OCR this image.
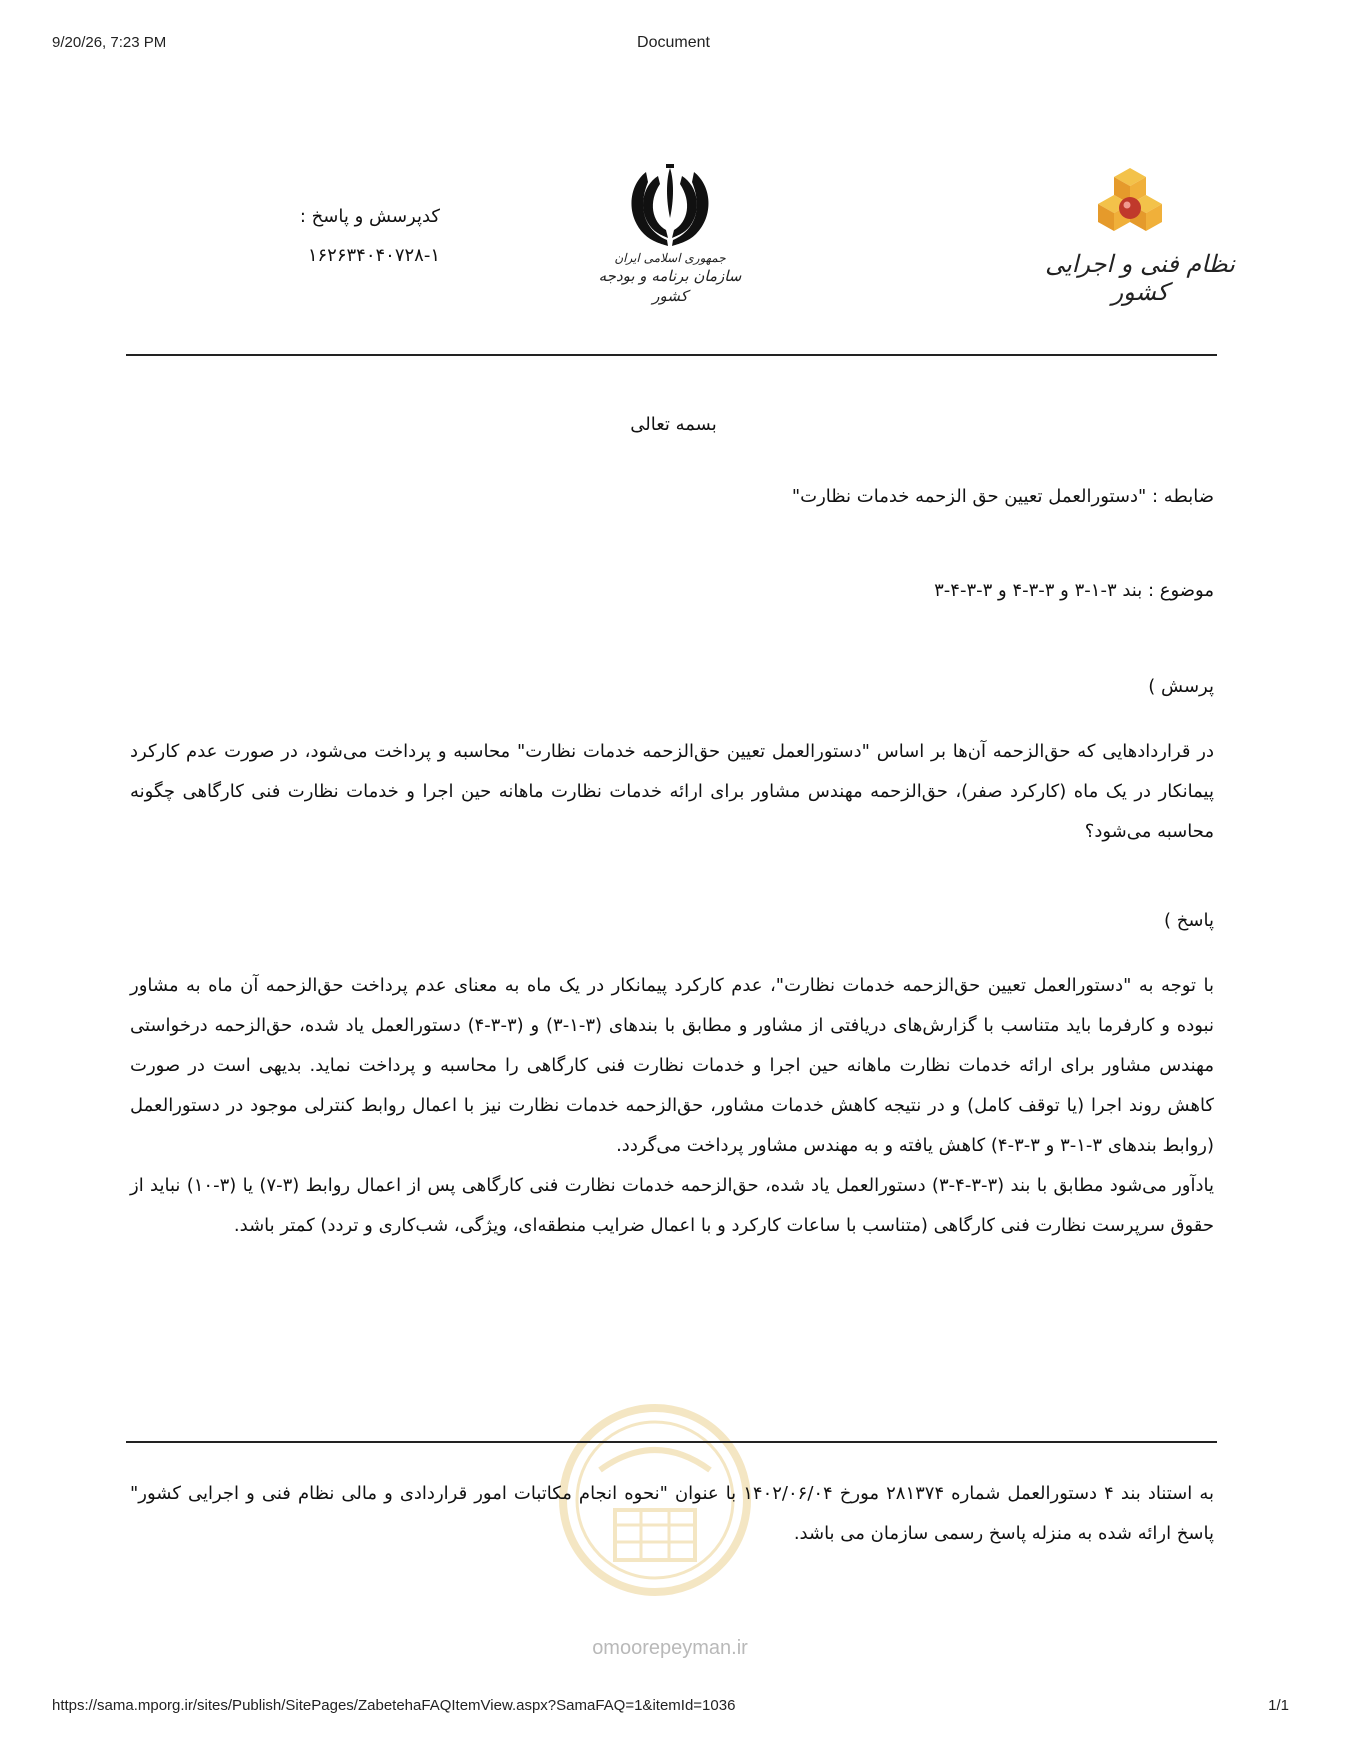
9/20/26, 7:23 PM	Document
نظام فنی و اجرایی کشور
جمهوری اسلامی ایران
سازمان برنامه و بودجه کشور
کدپرسش و پاسخ :
۱۶۲۶۳۴۰۴۰۷۲۸-۱
بسمه تعالی
ضابطه : "دستورالعمل تعیین حق الزحمه خدمات نظارت"
موضوع : بند ۳-۱-۳ و ۳-۳-۴ و ۳-۳-۴-۳
پرسش )
در قراردادهایی که حق‌الزحمه آن‌ها بر اساس "دستورالعمل تعیین حق‌الزحمه خدمات نظارت" محاسبه و پرداخت می‌شود، در صورت عدم کارکرد پیمانکار در یک ماه (کارکرد صفر)، حق‌الزحمه مهندس مشاور برای ارائه خدمات نظارت ماهانه حین اجرا و خدمات نظارت فنی کارگاهی چگونه محاسبه می‌شود؟
پاسخ )
با توجه به "دستورالعمل تعیین حق‌الزحمه خدمات نظارت"، عدم کارکرد پیمانکار در یک ماه به معنای عدم پرداخت حق‌الزحمه آن ماه به مشاور نبوده و کارفرما باید متناسب با گزارش‌های دریافتی از مشاور و مطابق با بندهای (۳-۱-۳) و (۳-۳-۴) دستورالعمل یاد شده، حق‌الزحمه درخواستی مهندس مشاور برای ارائه خدمات نظارت ماهانه حین اجرا و خدمات نظارت فنی کارگاهی را محاسبه و پرداخت نماید. بدیهی است در صورت کاهش روند اجرا (یا توقف کامل) و در نتیجه کاهش خدمات مشاور، حق‌الزحمه خدمات نظارت نیز با اعمال روابط کنترلی موجود در دستورالعمل (روابط بندهای ۳-۱-۳ و ۳-۳-۴) کاهش یافته و به مهندس مشاور پرداخت می‌گردد.
یادآور می‌شود مطابق با بند (۳-۳-۴-۳) دستورالعمل یاد شده، حق‌الزحمه خدمات نظارت فنی کارگاهی پس از اعمال روابط (۳-۷) یا (۳-۱۰) نباید از حقوق سرپرست نظارت فنی کارگاهی (متناسب با ساعات کارکرد و با اعمال ضرایب منطقه‌ای، ویژگی، شب‌کاری و تردد) کمتر باشد.
به استناد بند ۴ دستورالعمل شماره ۲۸۱۳۷۴ مورخ ۱۴۰۲/۰۶/۰۴ با عنوان "نحوه انجام مکاتبات امور قراردادی و مالی نظام فنی و اجرایی کشور" پاسخ ارائه شده به منزله پاسخ رسمی سازمان می باشد.
omoorepeyman.ir
https://sama.mporg.ir/sites/Publish/SitePages/ZabetehaFAQItemView.aspx?SamaFAQ=1&itemId=1036	1/1
